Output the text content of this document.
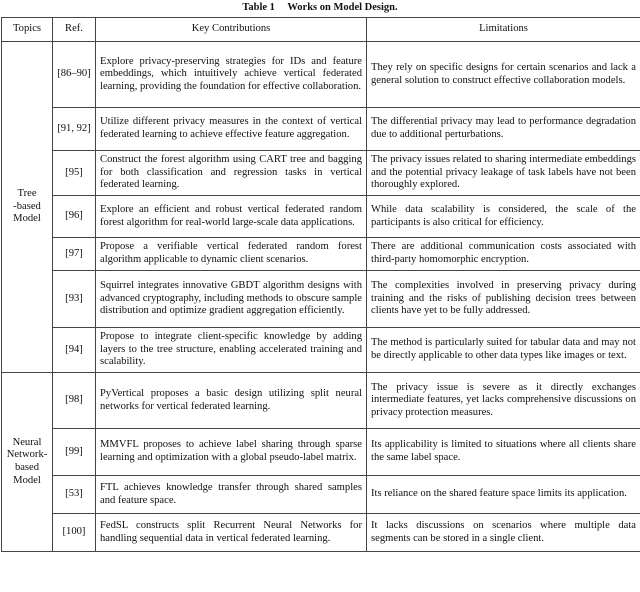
Table 1 Works on Model Design.
Topics	Ref.	Key Contributions	Limitations
Tree -based Model	[86–90]	Explore privacy-preserving strategies for IDs and feature embeddings, which intuitively achieve vertical federated learning, providing the foundation for effective collaboration.	They rely on specific designs for certain scenarios and lack a general solution to construct effective collaboration models.
	[91, 92]	Utilize different privacy measures in the context of vertical federated learning to achieve effective feature aggregation.	The differential privacy may lead to performance degradation due to additional perturbations.
	[95]	Construct the forest algorithm using CART tree and bagging for both classification and regression tasks in vertical federated learning.	The privacy issues related to sharing intermediate embeddings and the potential privacy leakage of task labels have not been thoroughly explored.
	[96]	Explore an efficient and robust vertical federated random forest algorithm for real-world large-scale data applications.	While data scalability is considered, the scale of the participants is also critical for efficiency.
	[97]	Propose a verifiable vertical federated random forest algorithm applicable to dynamic client scenarios.	There are additional communication costs associated with third-party homomorphic encryption.
	[93]	Squirrel integrates innovative GBDT algorithm designs with advanced cryptography, including methods to obscure sample distribution and optimize gradient aggregation efficiently.	The complexities involved in preserving privacy during training and the risks of publishing decision trees between clients have yet to be fully addressed.
	[94]	Propose to integrate client-specific knowledge by adding layers to the tree structure, enabling accelerated training and scalability.	The method is particularly suited for tabular data and may not be directly applicable to other data types like images or text.
Neural Network-based Model	[98]	PyVertical proposes a basic design utilizing split neural networks for vertical federated learning.	The privacy issue is severe as it directly exchanges intermediate features, yet lacks comprehensive discussions on privacy protection measures.
	[99]	MMVFL proposes to achieve label sharing through sparse learning and optimization with a global pseudo-label matrix.	Its applicability is limited to situations where all clients share the same label space.
	[53]	FTL achieves knowledge transfer through shared samples and feature space.	Its reliance on the shared feature space limits its application.
	[100]	FedSL constructs split Recurrent Neural Networks for handling sequential data in vertical federated learning.	It lacks discussions on scenarios where multiple data segments can be stored in a single client.
